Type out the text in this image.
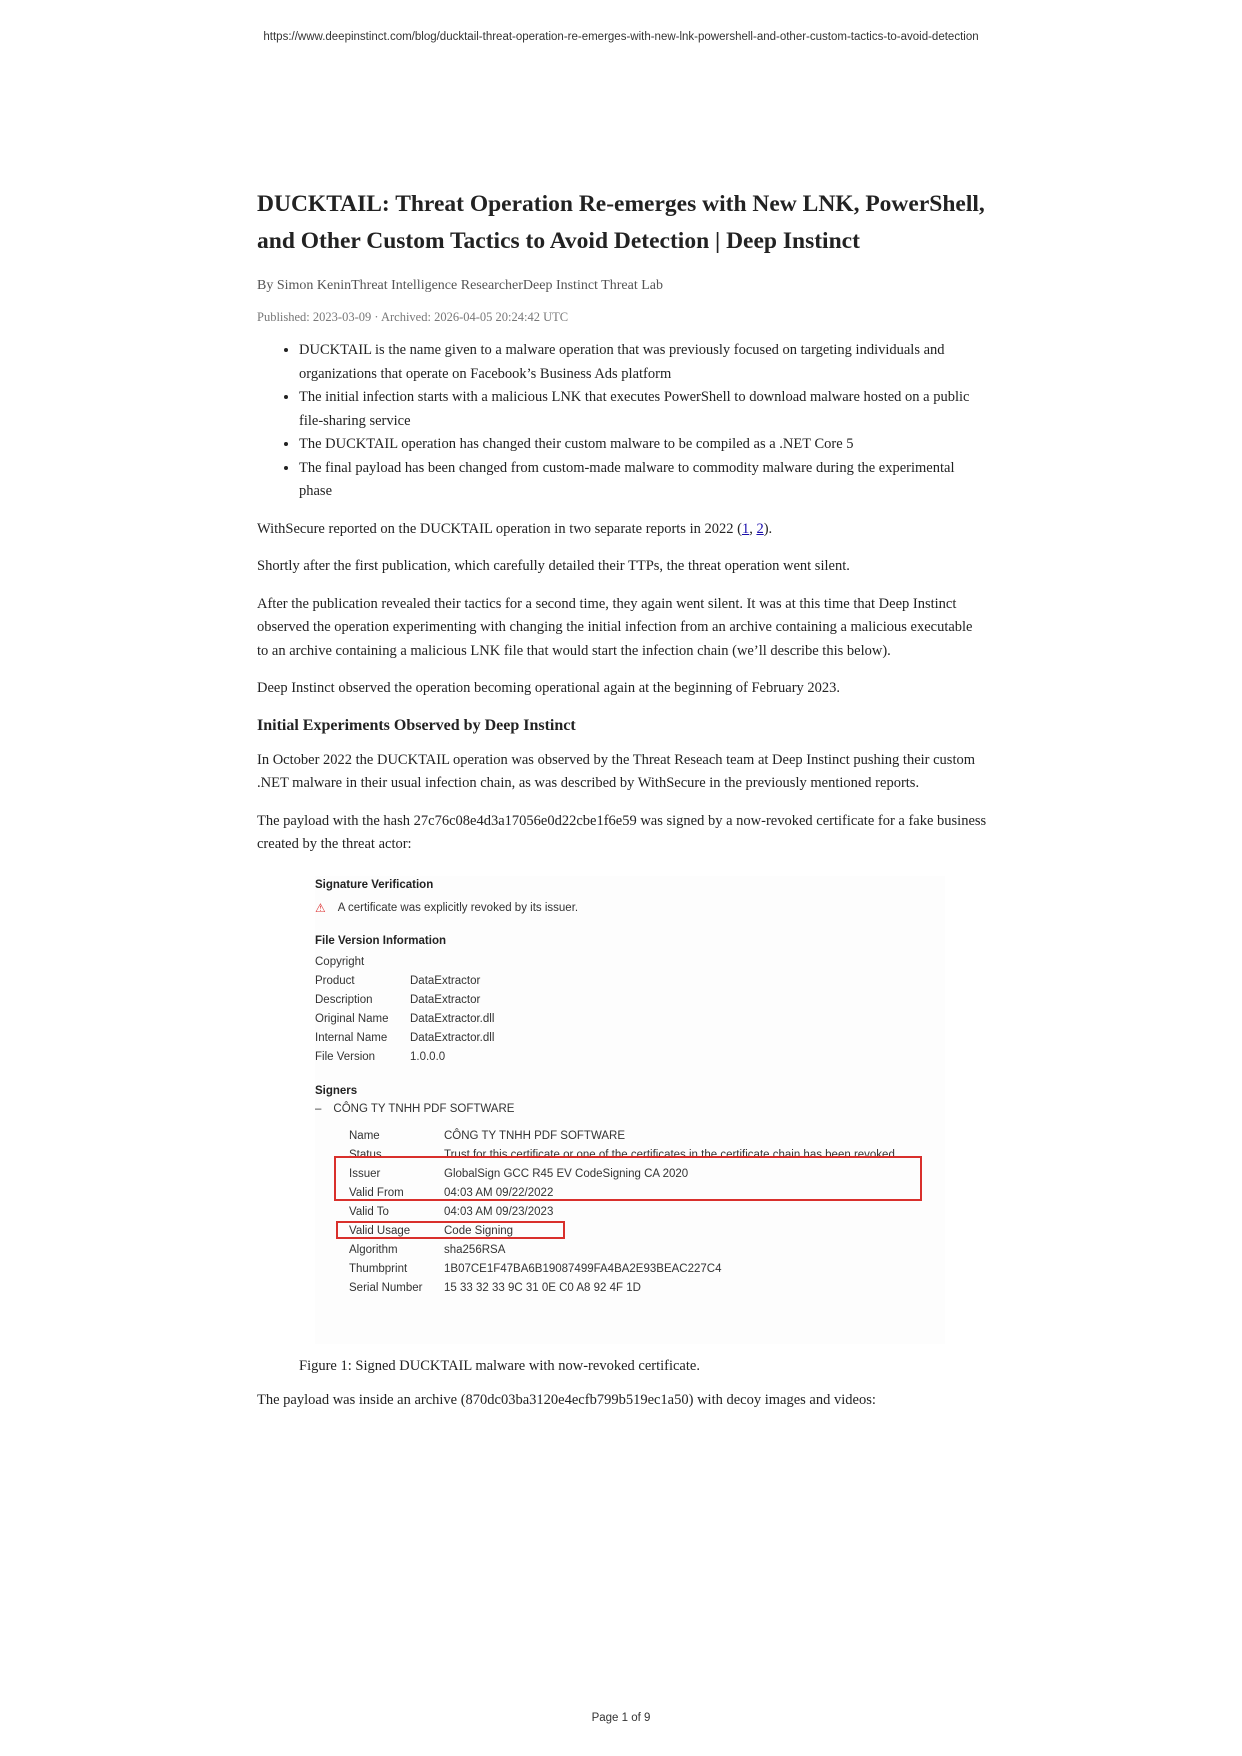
https://www.deepinstinct.com/blog/ducktail-threat-operation-re-emerges-with-new-lnk-powershell-and-other-custom-tactics-to-avoid-detection
DUCKTAIL: Threat Operation Re-emerges with New LNK, PowerShell, and Other Custom Tactics to Avoid Detection | Deep Instinct
By Simon KeninThreat Intelligence ResearcherDeep Instinct Threat Lab
Published: 2023-03-09 · Archived: 2026-04-05 20:24:42 UTC
• DUCKTAIL is the name given to a malware operation that was previously focused on targeting individuals and organizations that operate on Facebook’s Business Ads platform
• The initial infection starts with a malicious LNK that executes PowerShell to download malware hosted on a public file-sharing service
• The DUCKTAIL operation has changed their custom malware to be compiled as a .NET Core 5
• The final payload has been changed from custom-made malware to commodity malware during the experimental phase

WithSecure reported on the DUCKTAIL operation in two separate reports in 2022 (1, 2).

Shortly after the first publication, which carefully detailed their TTPs, the threat operation went silent.

After the publication revealed their tactics for a second time, they again went silent. It was at this time that Deep Instinct observed the operation experimenting with changing the initial infection from an archive containing a malicious executable to an archive containing a malicious LNK file that would start the infection chain (we’ll describe this below).

Deep Instinct observed the operation becoming operational again at the beginning of February 2023.

Initial Experiments Observed by Deep Instinct

In October 2022 the DUCKTAIL operation was observed by the Threat Reseach team at Deep Instinct pushing their custom .NET malware in their usual infection chain, as was described by WithSecure in the previously mentioned reports.

The payload with the hash 27c76c08e4d3a17056e0d22cbe1f6e59 was signed by a now-revoked certificate for a fake business created by the threat actor:

Signature Verification
⚠ A certificate was explicitly revoked by its issuer.
File Version Information
Copyright
Product	DataExtractor
Description	DataExtractor
Original Name	DataExtractor.dll
Internal Name	DataExtractor.dll
File Version	1.0.0.0
Signers
– CÔNG TY TNHH PDF SOFTWARE
Name	CÔNG TY TNHH PDF SOFTWARE
Status	Trust for this certificate or one of the certificates in the certificate chain has been revoked.
Issuer	GlobalSign GCC R45 EV CodeSigning CA 2020
Valid From	04:03 AM 09/22/2022
Valid To	04:03 AM 09/23/2023
Valid Usage	Code Signing
Algorithm	sha256RSA
Thumbprint	1B07CE1F47BA6B19087499FA4BA2E93BEAC227C4
Serial Number	15 33 32 33 9C 31 0E C0 A8 92 4F 1D
Figure 1: Signed DUCKTAIL malware with now-revoked certificate.

The payload was inside an archive (870dc03ba3120e4ecfb799b519ec1a50) with decoy images and videos:

Page 1 of 9
